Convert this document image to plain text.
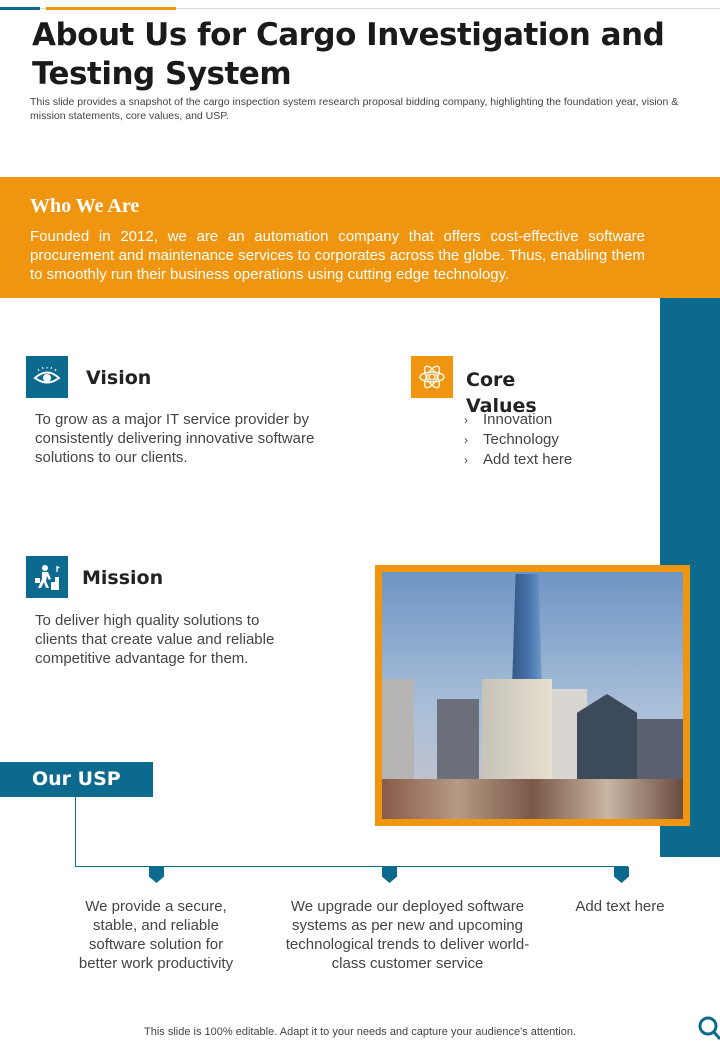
About Us for Cargo Investigation and Testing System
This slide provides a snapshot of the cargo inspection system research proposal bidding company, highlighting the foundation year, vision & mission statements, core values, and USP.
Who We Are
Founded in 2012, we are an automation company that offers cost-effective software procurement and maintenance services to corporates across the globe. Thus, enabling them to smoothly run their business operations using cutting edge technology.
Vision
To grow as a major IT service provider by consistently delivering innovative software solutions to our clients.
Core
Values
› Innovation
› Technology
› Add text here
Mission
To deliver high quality solutions to clients that create value and reliable competitive advantage for them.
Our USP
We provide a secure, stable, and reliable software solution for better work productivity
We upgrade our deployed software systems as per new and upcoming technological trends to deliver world-class customer service
Add text here
This slide is 100% editable. Adapt it to your needs and capture your audience's attention.
